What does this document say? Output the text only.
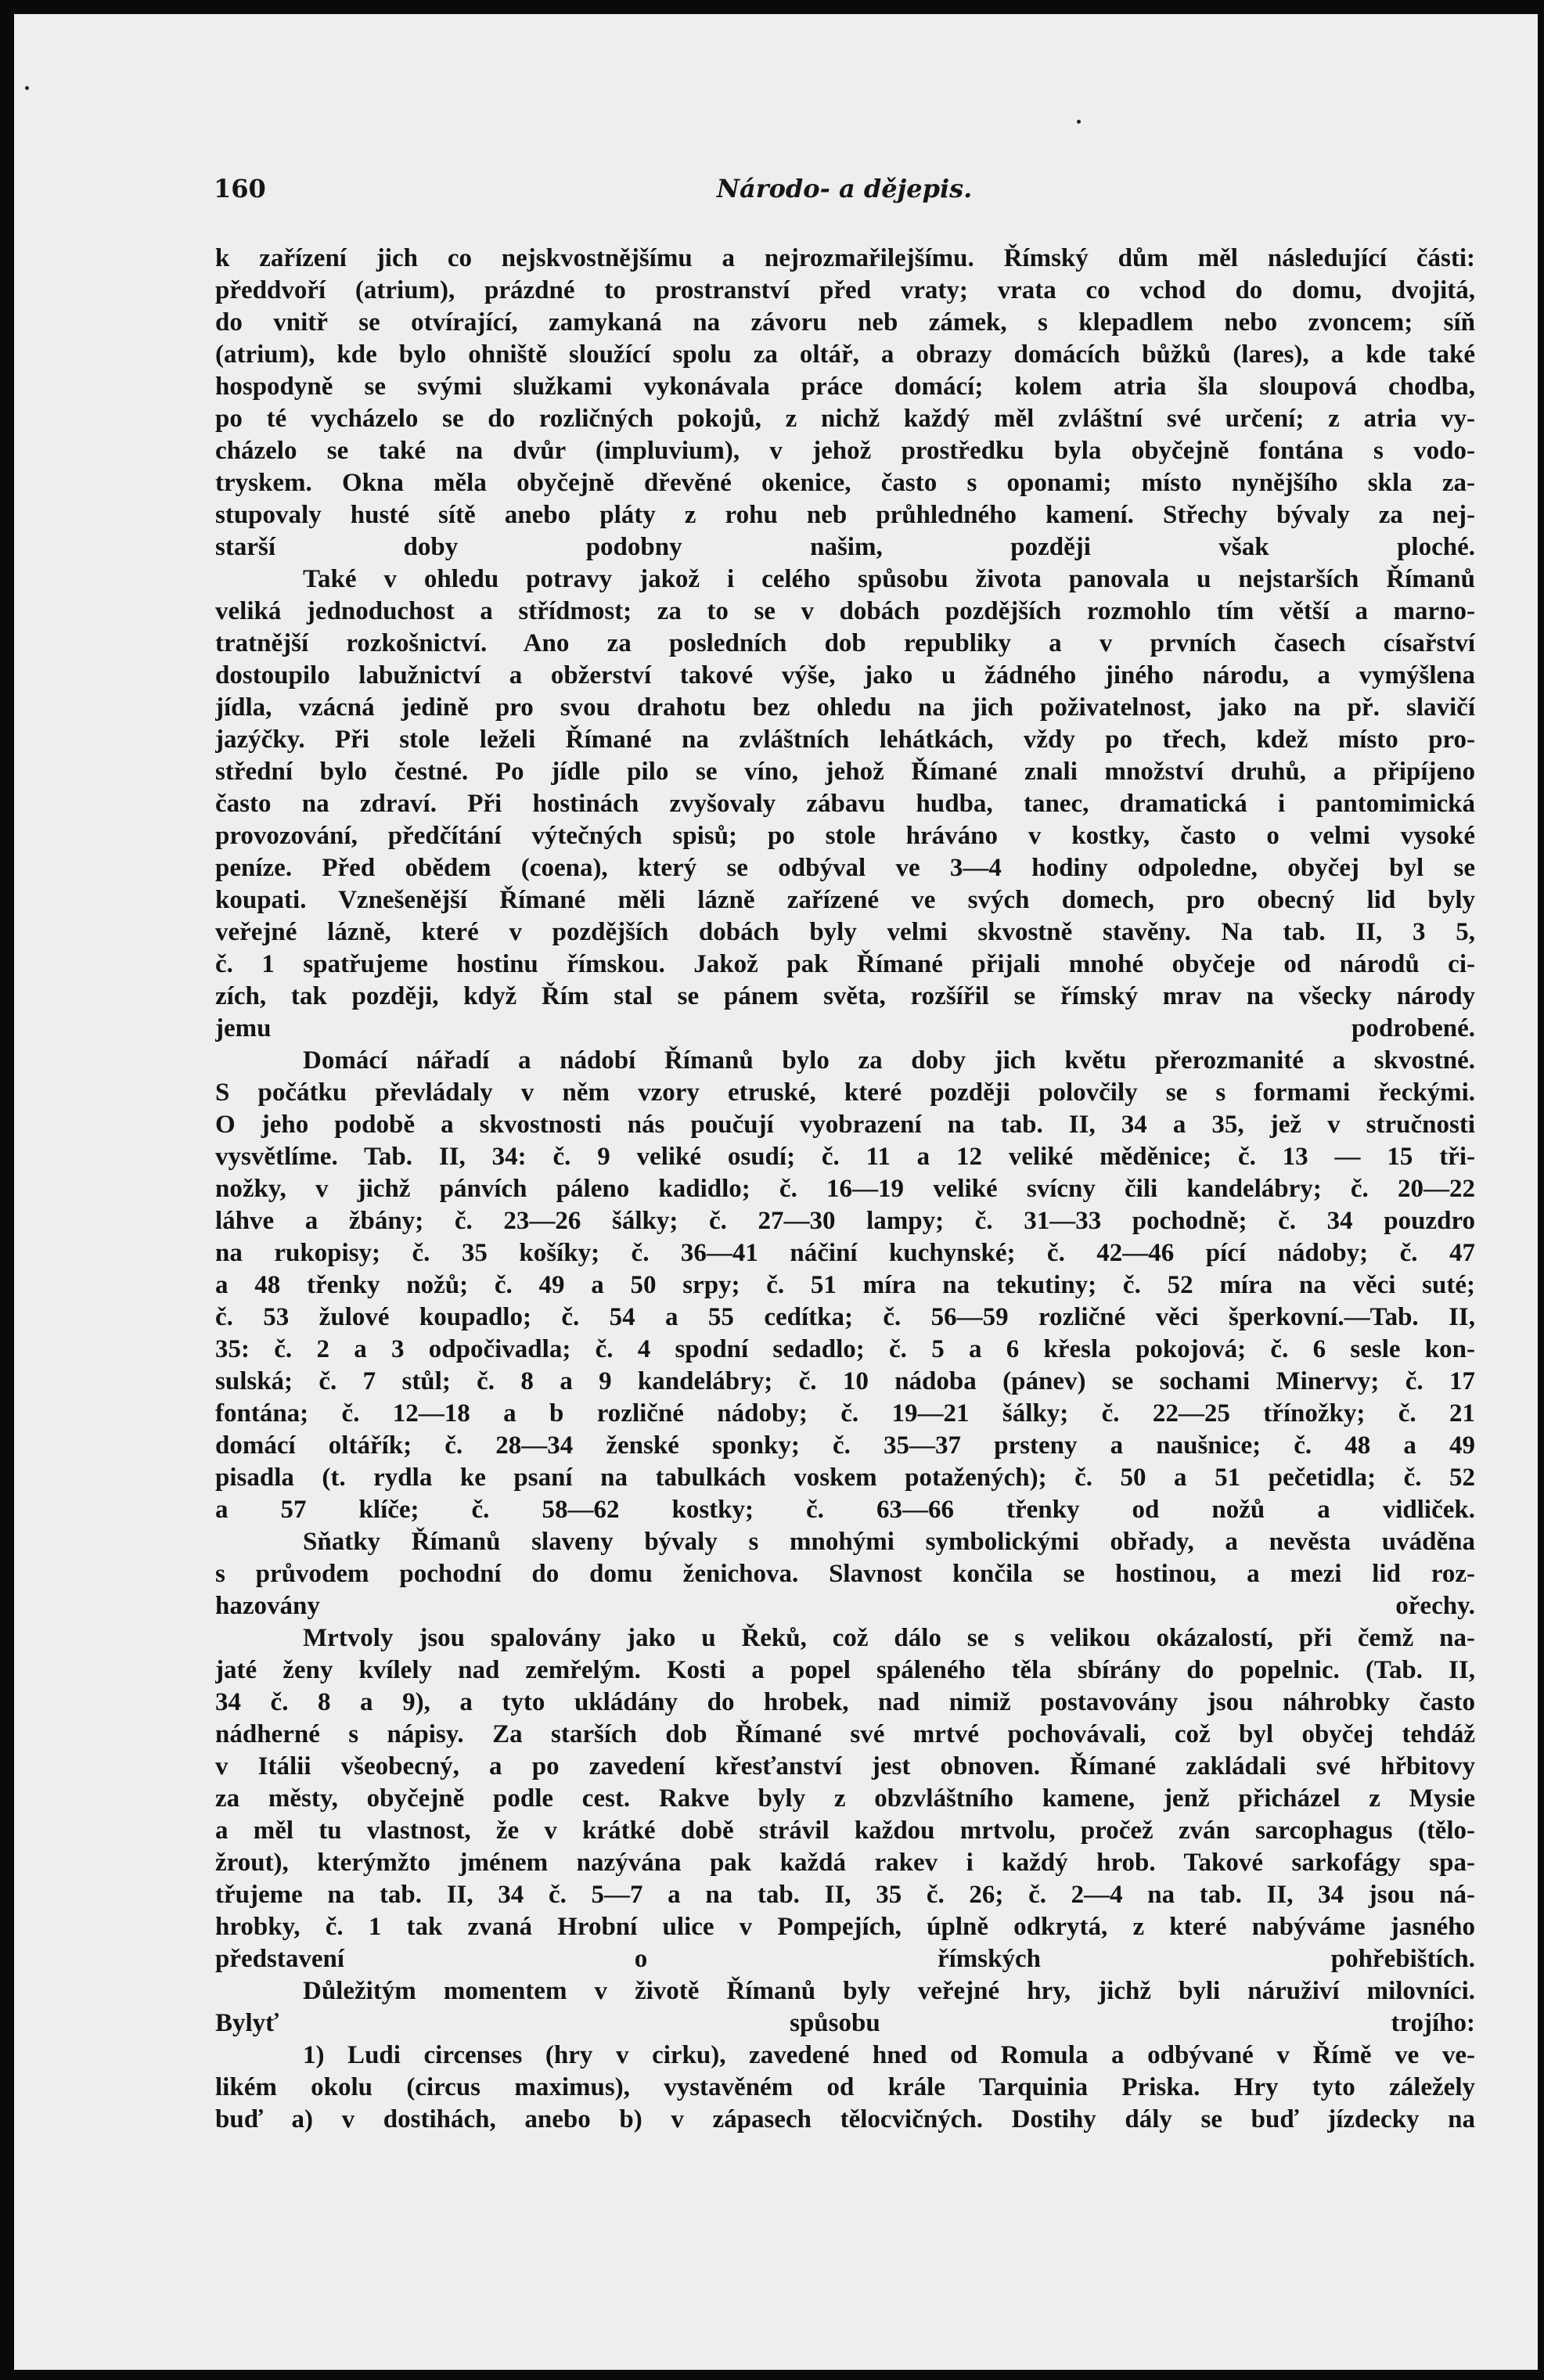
160	Národo- a dějepis.

k zařízení jich co nejskvostnějšímu a nejrozmařilejšímu. Římský dům měl následující části:
předdvoří (atrium), prázdné to prostranství před vraty; vrata co vchod do domu, dvojitá,
do vnitř se otvírající, zamykaná na závoru neb zámek, s klepadlem nebo zvoncem; síň
(atrium), kde bylo ohniště sloužící spolu za oltář, a obrazy domácích bůžků (lares), a kde také
hospodyně se svými služkami vykonávala práce domácí; kolem atria šla sloupová chodba,
po té vycházelo se do rozličných pokojů, z nichž každý měl zvláštní své určení; z atria vy-
cházelo se také na dvůr (impluvium), v jehož prostředku byla obyčejně fontána s vodo-
tryskem. Okna měla obyčejně dřevěné okenice, často s oponami; místo nynějšího skla za-
stupovaly husté sítě anebo pláty z rohu neb průhledného kamení. Střechy bývaly za nej-
starší doby podobny našim, později však ploché.

Také v ohledu potravy jakož i celého spůsobu života panovala u nejstarších Římanů
veliká jednoduchost a střídmost; za to se v dobách pozdějších rozmohlo tím větší a marno-
tratnější rozkošnictví. Ano za posledních dob republiky a v prvních časech císařství
dostoupilo labužnictví a obžerství takové výše, jako u žádného jiného národu, a vymýšlena
jídla, vzácná jedině pro svou drahotu bez ohledu na jich poživatelnost, jako na př. slavičí
jazýčky. Při stole leželi Římané na zvláštních lehátkách, vždy po třech, kdež místo pro-
střední bylo čestné. Po jídle pilo se víno, jehož Římané znali množství druhů, a připíjeno
často na zdraví. Při hostinách zvyšovaly zábavu hudba, tanec, dramatická i pantomimická
provozování, předčítání výtečných spisů; po stole hráváno v kostky, často o velmi vysoké
peníze. Před obědem (coena), který se odbýval ve 3—4 hodiny odpoledne, obyčej byl se
koupati. Vznešenější Římané měli lázně zařízené ve svých domech, pro obecný lid byly
veřejné lázně, které v pozdějších dobách byly velmi skvostně stavěny. Na tab. II, 3 5,
č. 1 spatřujeme hostinu římskou. Jakož pak Římané přijali mnohé obyčeje od národů ci-
zích, tak později, když Řím stal se pánem světa, rozšířil se římský mrav na všecky národy
jemu podrobené.

Domácí nářadí a nádobí Římanů bylo za doby jich květu přerozmanité a skvostné.
S počátku převládaly v něm vzory etruské, které později polovčily se s formami řeckými.
O jeho podobě a skvostnosti nás poučují vyobrazení na tab. II, 34 a 35, jež v stručnosti
vysvětlíme. Tab. II, 34: č. 9 veliké osudí; č. 11 a 12 veliké měděnice; č. 13 — 15 tři-
nožky, v jichž pánvích páleno kadidlo; č. 16—19 veliké svícny čili kandelábry; č. 20—22
láhve a žbány; č. 23—26 šálky; č. 27—30 lampy; č. 31—33 pochodně; č. 34 pouzdro
na rukopisy; č. 35 košíky; č. 36—41 náčiní kuchynské; č. 42—46 pící nádoby; č. 47
a 48 třenky nožů; č. 49 a 50 srpy; č. 51 míra na tekutiny; č. 52 míra na věci suté;
č. 53 žulové koupadlo; č. 54 a 55 cedítka; č. 56—59 rozličné věci šperkovní.—Tab. II,
35: č. 2 a 3 odpočivadla; č. 4 spodní sedadlo; č. 5 a 6 křesla pokojová; č. 6 sesle kon-
sulská; č. 7 stůl; č. 8 a 9 kandelábry; č. 10 nádoba (pánev) se sochami Minervy; č. 17
fontána; č. 12—18 a b rozličné nádoby; č. 19—21 šálky; č. 22—25 třínožky; č. 21
domácí oltářík; č. 28—34 ženské sponky; č. 35—37 prsteny a naušnice; č. 48 a 49
pisadla (t. rydla ke psaní na tabulkách voskem potažených); č. 50 a 51 pečetidla; č. 52
a 57 klíče; č. 58—62 kostky; č. 63—66 třenky od nožů a vidliček.

Sňatky Římanů slaveny bývaly s mnohými symbolickými obřady, a nevěsta uváděna
s průvodem pochodní do domu ženichova. Slavnost končila se hostinou, a mezi lid roz-
hazovány ořechy.

Mrtvoly jsou spalovány jako u Řeků, což dálo se s velikou okázalostí, při čemž na-
jaté ženy kvílely nad zemřelým. Kosti a popel spáleného těla sbírány do popelnic. (Tab. II,
34 č. 8 a 9), a tyto ukládány do hrobek, nad nimiž postavovány jsou náhrobky často
nádherné s nápisy. Za starších dob Římané své mrtvé pochovávali, což byl obyčej tehdáž
v Itálii všeobecný, a po zavedení křesťanství jest obnoven. Římané zakládali své hřbitovy
za městy, obyčejně podle cest. Rakve byly z obzvláštního kamene, jenž přicházel z Mysie
a měl tu vlastnost, že v krátké době strávil každou mrtvolu, pročež zván sarcophagus (tělo-
žrout), kterýmžto jménem nazývána pak každá rakev i každý hrob. Takové sarkofágy spa-
třujeme na tab. II, 34 č. 5—7 a na tab. II, 35 č. 26; č. 2—4 na tab. II, 34 jsou ná-
hrobky, č. 1 tak zvaná Hrobní ulice v Pompejích, úplně odkrytá, z které nabýváme jasného
představení o římských pohřebištích.

Důležitým momentem v životě Římanů byly veřejné hry, jichž byli náruživí milovníci.
Bylyť spůsobu trojího:

1) Ludi circenses (hry v cirku), zavedené hned od Romula a odbývané v Římě ve ve-
likém okolu (circus maximus), vystavěném od krále Tarquinia Priska. Hry tyto záležely
buď a) v dostihách, anebo b) v zápasech tělocvičných. Dostihy dály se buď jízdecky na
